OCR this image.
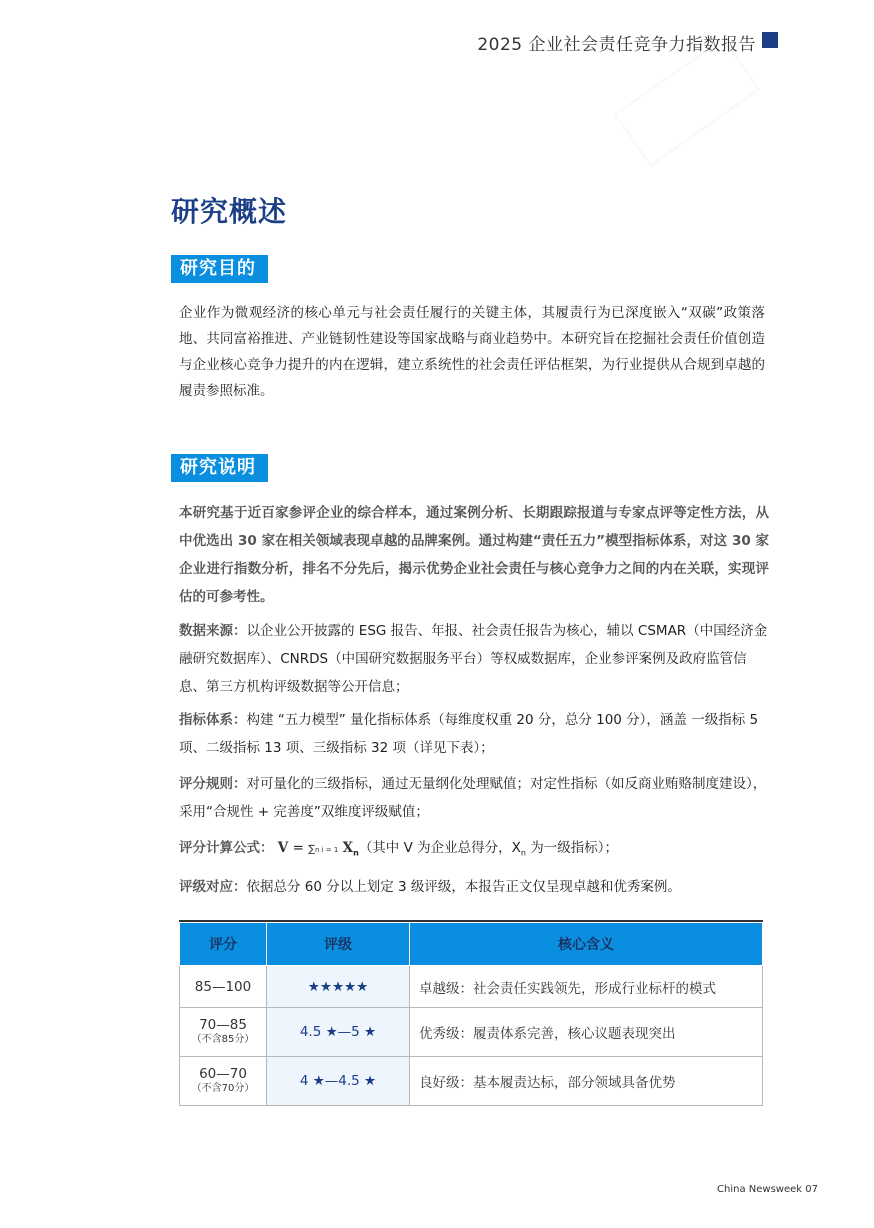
2025 企业社会责任竞争力指数报告
研究概述
研究目的
企业作为微观经济的核心单元与社会责任履行的关键主体，其履责行为已深度嵌入“双碳”政策落地、共同富裕推进、产业链韧性建设等国家战略与商业趋势中。本研究旨在挖掘社会责任价值创造与企业核心竞争力提升的内在逻辑，建立系统性的社会责任评估框架，为行业提供从合规到卓越的履责参照标准。
研究说明
本研究基于近百家参评企业的综合样本，通过案例分析、长期跟踪报道与专家点评等定性方法，从中优选出 30 家在相关领域表现卓越的品牌案例。通过构建“责任五力”模型指标体系，对这 30 家企业进行指数分析，排名不分先后，揭示优势企业社会责任与核心竞争力之间的内在关联，实现评估的可参考性。
数据来源：以企业公开披露的 ESG 报告、年报、社会责任报告为核心，辅以 CSMAR（中国经济金融研究数据库）、CNRDS（中国研究数据服务平台）等权威数据库，企业参评案例及政府监管信息、第三方机构评级数据等公开信息；
指标体系：构建 “五力模型” 量化指标体系（每维度权重 20 分，总分 100 分），涵盖 一级指标 5 项、二级指标 13 项、三级指标 32 项（详见下表）；
评分规则：对可量化的三级指标，通过无量纲化处理赋值；对定性指标（如反商业贿赂制度建设），采用“合规性 + 完善度”双维度评级赋值；
评分计算公式： V = ∑n i = 1 $X_n$（其中 V 为企业总得分，$X_n$ 为一级指标）；
评级对应：依据总分 60 分以上划定 3 级评级，本报告正文仅呈现卓越和优秀案例。
评分	评级	核心含义
85—100	★★★★★	卓越级：社会责任实践领先，形成行业标杆的模式
70—85
（不含85分）	4.5 ★—5 ★	优秀级：履责体系完善，核心议题表现突出
60—70
（不含70分）	4 ★—4.5 ★	良好级：基本履责达标，部分领域具备优势
China Newsweek 07
